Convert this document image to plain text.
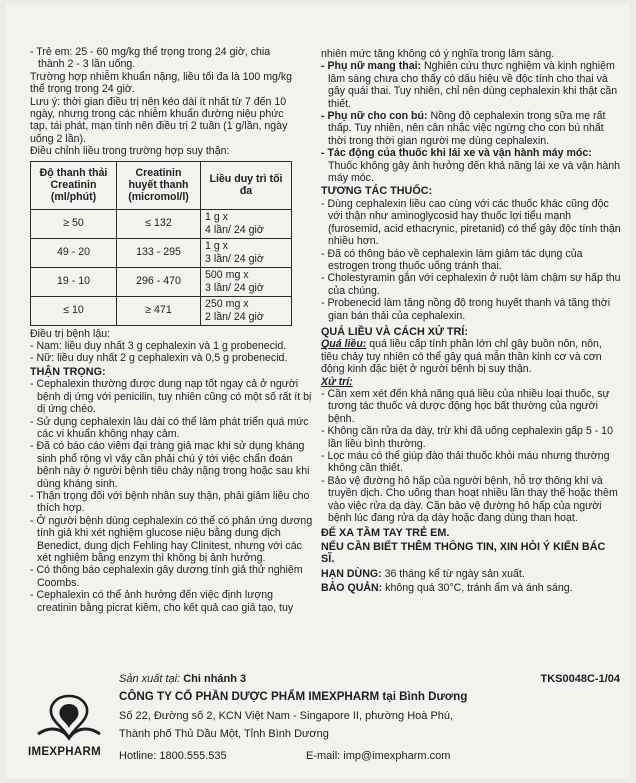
- Trẻ em: 25 - 60 mg/kg thể trọng trong 24 giờ, chia

thành 2 - 3 lần uống.

Trường hợp nhiễm khuẩn nặng, liều tối đa là 100 mg/kg

thể trọng trong 24 giờ.

Lưu ý: thời gian điều trị nên kéo dài ít nhất từ 7 đến 10

ngày, nhưng trong các nhiễm khuẩn đường niệu phức

tạp, tái phát, mạn tính nên điều trị 2 tuần (1 g/lần, ngày

uống 2 lần).

Điều chỉnh liều trong trường hợp suy thận:

Độ thanh thải Creatinin (ml/phút)	Creatinin huyết thanh (micromol/l)	Liều duy trì tối đa
≥ 50	≤ 132	1 g x
4 lần/ 24 giờ

49 - 20	133 - 295	1 g x
3 lần/ 24 giờ

19 - 10	296 - 470	500 mg x
3 lần/ 24 giờ

≤ 10	≥ 471	250 mg x
2 lần/ 24 giờ

Điều trị bệnh lậu:

- Nam: liều duy nhất 3 g cephalexin và 1 g probenecid.

- Nữ: liều duy nhất 2 g cephalexin và 0,5 g probenecid.

THẬN TRỌNG:

- Cephalexin thường được dung nạp tốt ngay cả ở người bệnh dị ứng với penicilin, tuy nhiên cũng có một số rất ít bị dị ứng chéo.

- Sử dụng cephalexin lâu dài có thể làm phát triển quá mức các vi khuẩn không nhạy cảm.

- Đã có báo cáo viêm đại tràng giả mạc khi sử dụng kháng sinh phổ rộng vì vậy cần phải chú ý tới việc chẩn đoán bệnh này ở người bệnh tiêu chảy nặng trong hoặc sau khi dùng kháng sinh.

- Thận trọng đối với bệnh nhân suy thận, phải giảm liều cho thích hợp.

- Ở người bệnh dùng cephalexin có thể có phản ứng dương tính giả khi xét nghiệm glucose niệu bằng dung dịch Benedict, dung dịch Fehling hay Clinitest, nhưng với các xét nghiệm bằng enzym thì không bị ảnh hưởng.

- Có thông báo cephalexin gây dương tính giả thử nghiệm Coombs.

- Cephalexin có thể ảnh hưởng đến việc định lượng creatinin bằng picrat kiềm, cho kết quả cao giả tạo, tuy

nhiên mức tăng không có ý nghĩa trong lâm sàng.

- Phụ nữ mang thai: Nghiên cứu thực nghiệm và kinh nghiệm lâm sàng chưa cho thấy có dấu hiệu về độc tính cho thai và gây quái thai. Tuy nhiên, chỉ nên dùng cephalexin khi thật cần thiết.

- Phụ nữ cho con bú: Nồng độ cephalexin trong sữa mẹ rất thấp. Tuy nhiên, nên cân nhắc việc ngừng cho con bú nhất thời trong thời gian người mẹ dùng cephalexin.

- Tác động của thuốc khi lái xe và vận hành máy móc: Thuốc không gây ảnh hưởng đến khả năng lái xe và vận hành máy móc.

TƯƠNG TÁC THUỐC:

- Dùng cephalexin liều cao cùng với các thuốc khác cũng độc với thận như aminoglycosid hay thuốc lợi tiểu mạnh (furosemid, acid ethacrynic, piretanid) có thể gây độc tính thận nhiều hơn.

- Đã có thông báo về cephalexin làm giảm tác dụng của estrogen trong thuốc uống tránh thai.

- Cholestyramin gắn với cephalexin ở ruột làm chậm sự hấp thu của chúng.

- Probenecid làm tăng nồng độ trong huyết thanh và tăng thời gian bán thải của cephalexin.

QUÁ LIỀU VÀ CÁCH XỬ TRÍ:

Quá liều: quá liều cấp tính phần lớn chỉ gây buồn nôn, nôn, tiêu chảy tuy nhiên có thể gây quá mẫn thần kinh cơ và cơn động kinh đặc biệt ở người bệnh bị suy thận.

Xử trí:

- Cần xem xét đến khả năng quá liều của nhiều loại thuốc, sự tương tác thuốc và dược động học bất thường của người bệnh.

- Không cần rửa dạ dày, trừ khi đã uống cephalexin gấp 5 - 10 lần liều bình thường.

- Lọc máu có thể giúp đào thải thuốc khỏi máu nhưng thường không cần thiết.

- Bảo vệ đường hô hấp của người bệnh, hỗ trợ thông khí và truyền dịch. Cho uống than hoạt nhiều lần thay thế hoặc thêm vào việc rửa dạ dày. Cần bảo vệ đường hô hấp của người bệnh lúc đang rửa dạ dày hoặc đang dùng than hoạt.

ĐỂ XA TẦM TAY TRẺ EM.

NẾU CẦN BIẾT THÊM THÔNG TIN, XIN HỎI Ý KIẾN BÁC SĨ.

HẠN DÙNG: 36 tháng kể từ ngày sản xuất.

BẢO QUẢN: không quá 30°C, tránh ẩm và ánh sáng.

TKS0048C-1/04
Sản xuất tại: Chi nhánh 3
CÔNG TY CỔ PHẦN DƯỢC PHẨM IMEXPHARM tại Bình Dương
Số 22, Đường số 2, KCN Việt Nam - Singapore II, phường Hoà Phú,
Thành phố Thủ Dầu Một, Tỉnh Bình Dương
Hotline: 1800.555.535	E-mail: imp@imexpharm.com
IMEXPHARM
